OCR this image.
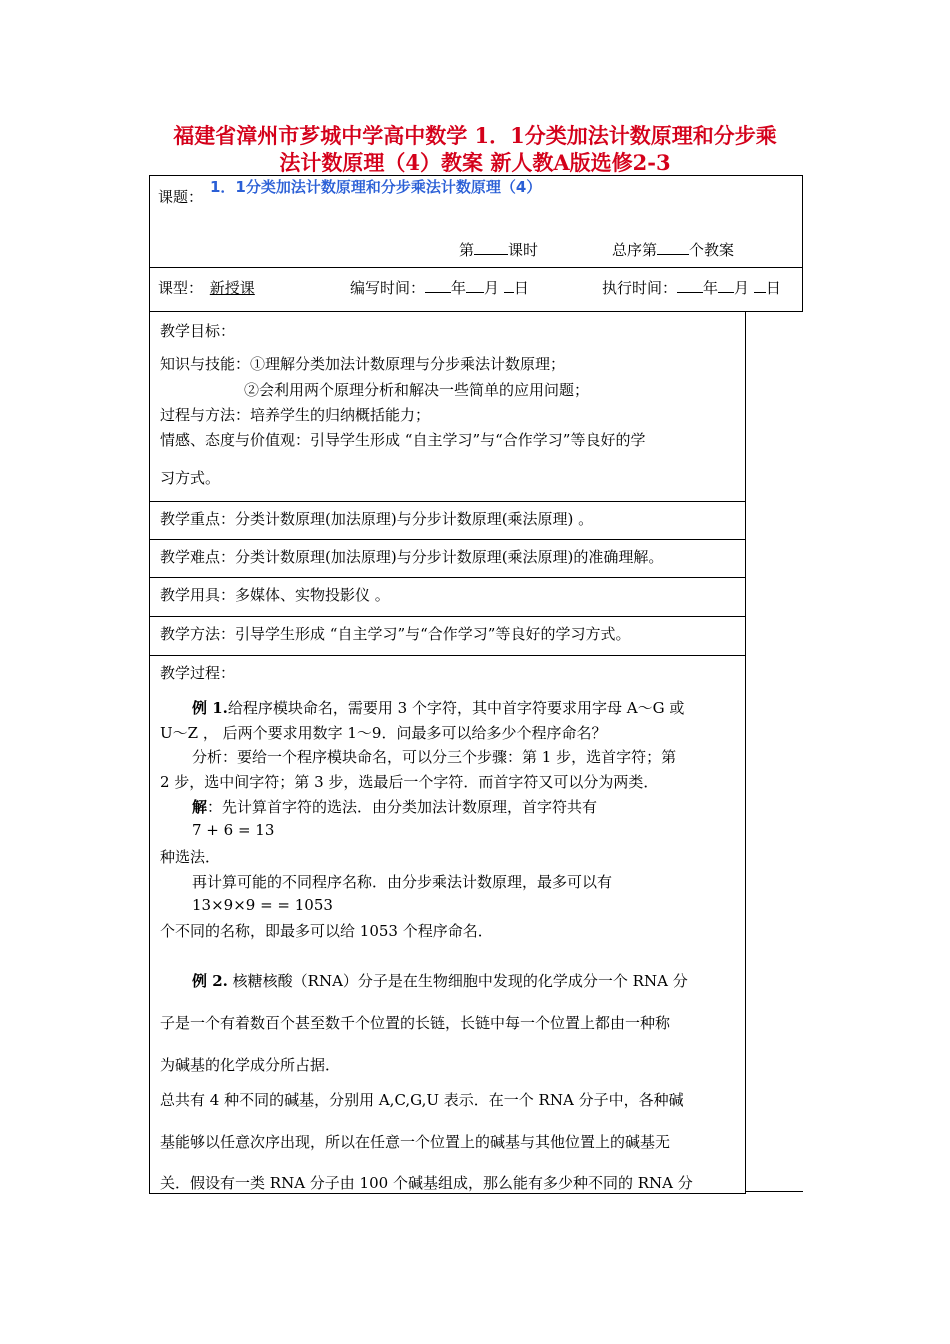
福建省漳州市芗城中学高中数学 1．1分类加法计数原理和分步乘
法计数原理（4）教案 新人教A版选修2-3
课题：
1．1分类加法计数原理和分步乘法计数原理（4）
第 课时	总序第 个教案
课型： 新授课	编写时间： 年 月 日	执行时间： 年 月 日
教学目标：
知识与技能：①理解分类加法计数原理与分步乘法计数原理；
②会利用两个原理分析和解决一些简单的应用问题；
过程与方法：培养学生的归纳概括能力；
情感、态度与价值观：引导学生形成 “自主学习”与“合作学习”等良好的学
习方式。
教学重点：分类计数原理(加法原理)与分步计数原理(乘法原理) 。
教学难点：分类计数原理(加法原理)与分步计数原理(乘法原理)的准确理解。
教学用具：多媒体、实物投影仪 。
教学方法：引导学生形成 “自主学习”与“合作学习”等良好的学习方式。
教学过程：
例 1.给程序模块命名，需要用 3 个字符，其中首字符要求用字母 A～G 或
U～Z ， 后两个要求用数字 1～9．问最多可以给多少个程序命名？
分析：要给一个程序模块命名，可以分三个步骤：第 1 步，选首字符；第
2 步，选中间字符；第 3 步，选最后一个字符．而首字符又可以分为两类．
解：先计算首字符的选法．由分类加法计数原理，首字符共有
7 + 6 = 13
种选法．
再计算可能的不同程序名称．由分步乘法计数原理，最多可以有
13×9×9 = = 1053
个不同的名称，即最多可以给 1053 个程序命名．
例 2. 核糖核酸（RNA）分子是在生物细胞中发现的化学成分一个 RNA 分
子是一个有着数百个甚至数千个位置的长链，长链中每一个位置上都由一种称
为碱基的化学成分所占据．
总共有 4 种不同的碱基，分别用 A,C,G,U 表示．在一个 RNA 分子中，各种碱
基能够以任意次序出现，所以在任意一个位置上的碱基与其他位置上的碱基无
关．假设有一类 RNA 分子由 100 个碱基组成，那么能有多少种不同的 RNA 分
